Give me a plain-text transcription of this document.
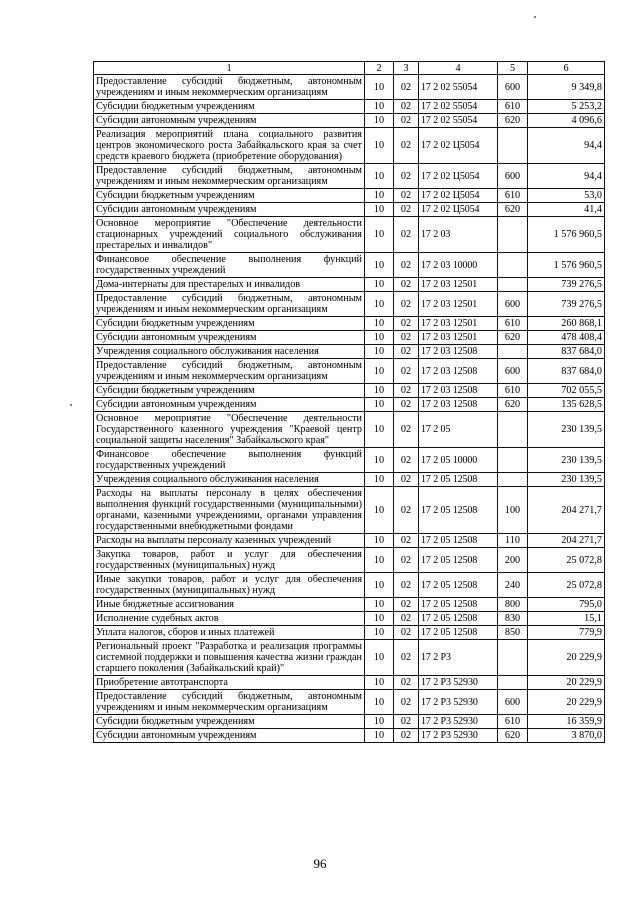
1	2	3	4	5	6
Предоставление субсидий бюджетным, автономным учреждениям и иным некоммерческим организациям	10	02	17 2 02 55054	600	9 349,8
Субсидии бюджетным учреждениям	10	02	17 2 02 55054	610	5 253,2
Субсидии автономным учреждениям	10	02	17 2 02 55054	620	4 096,6
Реализация мероприятий плана социального развития центров экономического роста Забайкальского края за счет средств краевого бюджета (приобретение оборудования)	10	02	17 2 02 Ц5054		94,4
Предоставление субсидий бюджетным, автономным учреждениям и иным некоммерческим организациям	10	02	17 2 02 Ц5054	600	94,4
Субсидии бюджетным учреждениям	10	02	17 2 02 Ц5054	610	53,0
Субсидии автономным учреждениям	10	02	17 2 02 Ц5054	620	41,4
Основное мероприятие "Обеспечение деятельности стационарных учреждений социального обслуживания престарелых и инвалидов"	10	02	17 2 03		1 576 960,5
Финансовое обеспечение выполнения функций государственных учреждений	10	02	17 2 03 10000		1 576 960,5
Дома-интернаты для престарелых и инвалидов	10	02	17 2 03 12501		739 276,5
Предоставление субсидий бюджетным, автономным учреждениям и иным некоммерческим организациям	10	02	17 2 03 12501	600	739 276,5
Субсидии бюджетным учреждениям	10	02	17 2 03 12501	610	260 868,1
Субсидии автономным учреждениям	10	02	17 2 03 12501	620	478 408,4
Учреждения социального обслуживания населения	10	02	17 2 03 12508		837 684,0
Предоставление субсидий бюджетным, автономным учреждениям и иным некоммерческим организациям	10	02	17 2 03 12508	600	837 684,0
Субсидии бюджетным учреждениям	10	02	17 2 03 12508	610	702 055,5
Субсидии автономным учреждениям	10	02	17 2 03 12508	620	135 628,5
Основное мероприятие "Обеспечение деятельности Государственного казенного учреждения "Краевой центр социальной защиты населения" Забайкальского края"	10	02	17 2 05		230 139,5
Финансовое обеспечение выполнения функций государственных учреждений	10	02	17 2 05 10000		230 139,5
Учреждения социального обслуживания населения	10	02	17 2 05 12508		230 139,5
Расходы на выплаты персоналу в целях обеспечения выполнения функций государственными (муниципальными) органами, казенными учреждениями, органами управления государственными внебюджетными фондами	10	02	17 2 05 12508	100	204 271,7
Расходы на выплаты персоналу казенных учреждений	10	02	17 2 05 12508	110	204 271,7
Закупка товаров, работ и услуг для обеспечения государственных (муниципальных) нужд	10	02	17 2 05 12508	200	25 072,8
Иные закупки товаров, работ и услуг для обеспечения государственных (муниципальных) нужд	10	02	17 2 05 12508	240	25 072,8
Иные бюджетные ассигнования	10	02	17 2 05 12508	800	795,0
Исполнение судебных актов	10	02	17 2 05 12508	830	15,1
Уплата налогов, сборов и иных платежей	10	02	17 2 05 12508	850	779,9
Региональный проект "Разработка и реализация программы системной поддержки и повышения качества жизни граждан старшего поколения (Забайкальский край)"	10	02	17 2 P3		20 229,9
Приобретение автотранспорта	10	02	17 2 P3 52930		20 229,9
Предоставление субсидий бюджетным, автономным учреждениям и иным некоммерческим организациям	10	02	17 2 P3 52930	600	20 229,9
Субсидии бюджетным учреждениям	10	02	17 2 P3 52930	610	16 359,9
Субсидии автономным учреждениям	10	02	17 2 P3 52930	620	3 870,0
96
